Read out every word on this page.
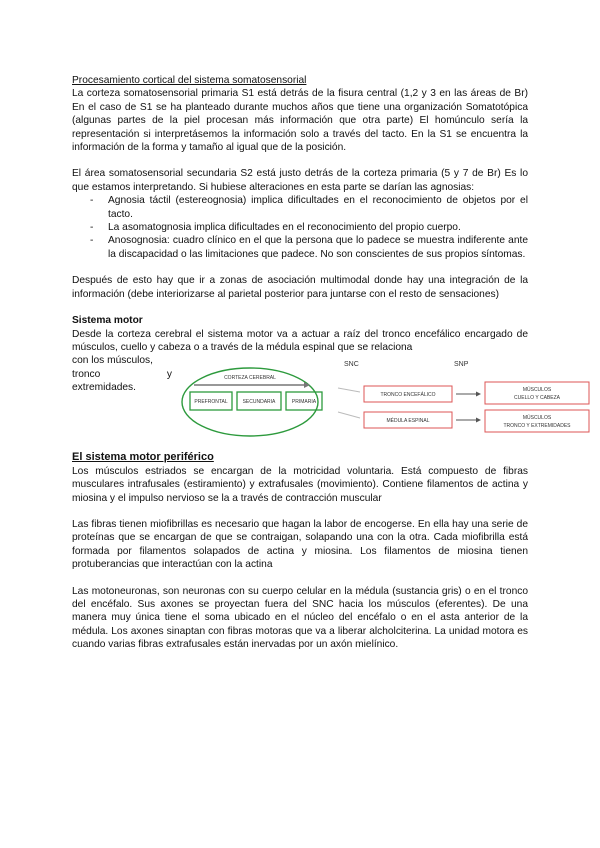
Procesamiento cortical del sistema somatosensorial

La corteza somatosensorial primaria S1 está detrás de la fisura central (1,2 y 3 en las áreas de Br) En el caso de S1 se ha planteado durante muchos años que tiene una organización Somatotópica (algunas partes de la piel procesan más información que otra parte) El homúnculo sería la representación si interpretásemos la información solo a través del tacto. En la S1 se encuentra la información de la forma y tamaño al igual que de la posición.

El área somatosensorial secundaria S2 está justo detrás de la corteza primaria (5 y 7 de Br) Es lo que estamos interpretando. Si hubiese alteraciones en esta parte se darían las agnosias:

- Agnosia táctil (estereognosia) implica dificultades en el reconocimiento de objetos por el tacto.
- La asomatognosia implica dificultades en el reconocimiento del propio cuerpo.
- Anosognosia: cuadro clínico en el que la persona que lo padece se muestra indiferente ante la discapacidad o las limitaciones que padece. No son conscientes de sus propios síntomas.

Después de esto hay que ir a zonas de asociación multimodal donde hay una integración de la información (debe interiorizarse al parietal posterior para juntarse con el resto de sensaciones)

Sistema motor

Desde la corteza cerebral el sistema motor va a actuar a raíz del tronco encefálico encargado de músculos, cuello y cabeza o a través de la médula espinal que se relaciona

con los músculos,

tronco	y

extremidades.

CORTEZA CEREBRAL
PREFRONTAL	SECUNDARIA	PRIMARIA
SNC	SNP
TRONCO ENCEFÁLICO
MÉDULA ESPINAL
MÚSCULOS
CUELLO Y CABEZA
MÚSCULOS
TRONCO Y EXTREMIDADES
El sistema motor periférico

Los músculos estriados se encargan de la motricidad voluntaria. Está compuesto de fibras musculares intrafusales (estiramiento) y extrafusales (movimiento). Contiene filamentos de actina y miosina y el impulso nervioso se la a través de contracción muscular

Las fibras tienen miofibrillas es necesario que hagan la labor de encogerse. En ella hay una serie de proteínas que se encargan de que se contraigan, solapando una con la otra. Cada miofibrilla está formada por filamentos solapados de actina y miosina. Los filamentos de miosina tienen protuberancias que interactúan con la actina

Las motoneuronas, son neuronas con su cuerpo celular en la médula (sustancia gris) o en el tronco del encéfalo. Sus axones se proyectan fuera del SNC hacia los músculos (eferentes). De una manera muy única tiene el soma ubicado en el núcleo del encéfalo o en el asta anterior de la médula. Los axones sinaptan con fibras motoras que va a liberar alcholciterina. La unidad motora es cuando varias fibras extrafusales están inervadas por un axón mielínico.
